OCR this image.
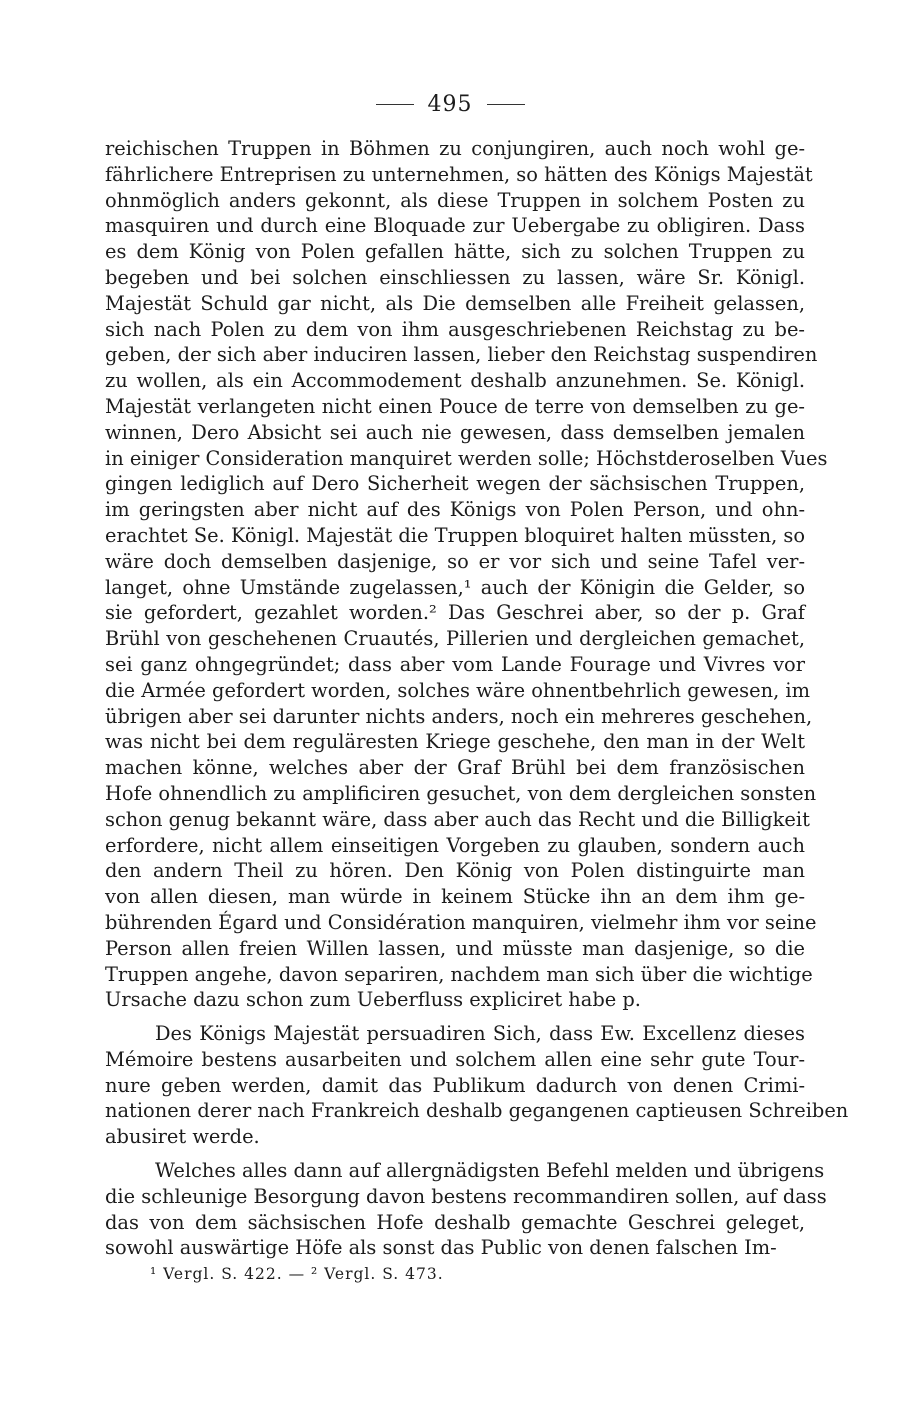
495
reichischen Truppen in Böhmen zu conjungiren, auch noch wohl ge-
fährlichere Entreprisen zu unternehmen, so hätten des Königs Majestät
ohnmöglich anders gekonnt, als diese Truppen in solchem Posten zu
masquiren und durch eine Bloquade zur Uebergabe zu obligiren. Dass
es dem König von Polen gefallen hätte, sich zu solchen Truppen zu
begeben und bei solchen einschliessen zu lassen, wäre Sr. Königl.
Majestät Schuld gar nicht, als Die demselben alle Freiheit gelassen,
sich nach Polen zu dem von ihm ausgeschriebenen Reichstag zu be-
geben, der sich aber induciren lassen, lieber den Reichstag suspendiren
zu wollen, als ein Accommodement deshalb anzunehmen. Se. Königl.
Majestät verlangeten nicht einen Pouce de terre von demselben zu ge-
winnen, Dero Absicht sei auch nie gewesen, dass demselben jemalen
in einiger Consideration manquiret werden solle; Höchstderoselben Vues
gingen lediglich auf Dero Sicherheit wegen der sächsischen Truppen,
im geringsten aber nicht auf des Königs von Polen Person, und ohn-
erachtet Se. Königl. Majestät die Truppen bloquiret halten müssten, so
wäre doch demselben dasjenige, so er vor sich und seine Tafel ver-
langet, ohne Umstände zugelassen,¹ auch der Königin die Gelder, so
sie gefordert, gezahlet worden.² Das Geschrei aber, so der p. Graf
Brühl von geschehenen Cruautés, Pillerien und dergleichen gemachet,
sei ganz ohngegründet; dass aber vom Lande Fourage und Vivres vor
die Armée gefordert worden, solches wäre ohnentbehrlich gewesen, im
übrigen aber sei darunter nichts anders, noch ein mehreres geschehen,
was nicht bei dem reguläresten Kriege geschehe, den man in der Welt
machen könne, welches aber der Graf Brühl bei dem französischen
Hofe ohnendlich zu amplificiren gesuchet, von dem dergleichen sonsten
schon genug bekannt wäre, dass aber auch das Recht und die Billigkeit
erfordere, nicht allem einseitigen Vorgeben zu glauben, sondern auch
den andern Theil zu hören. Den König von Polen distinguirte man
von allen diesen, man würde in keinem Stücke ihn an dem ihm ge-
bührenden Égard und Considération manquiren, vielmehr ihm vor seine
Person allen freien Willen lassen, und müsste man dasjenige, so die
Truppen angehe, davon separiren, nachdem man sich über die wichtige
Ursache dazu schon zum Ueberfluss expliciret habe p.
Des Königs Majestät persuadiren Sich, dass Ew. Excellenz dieses
Mémoire bestens ausarbeiten und solchem allen eine sehr gute Tour-
nure geben werden, damit das Publikum dadurch von denen Crimi-
nationen derer nach Frankreich deshalb gegangenen captieusen Schreiben
abusiret werde.
Welches alles dann auf allergnädigsten Befehl melden und übrigens
die schleunige Besorgung davon bestens recommandiren sollen, auf dass
das von dem sächsischen Hofe deshalb gemachte Geschrei geleget,
sowohl auswärtige Höfe als sonst das Public von denen falschen Im-
¹ Vergl. S. 422. — ² Vergl. S. 473.
